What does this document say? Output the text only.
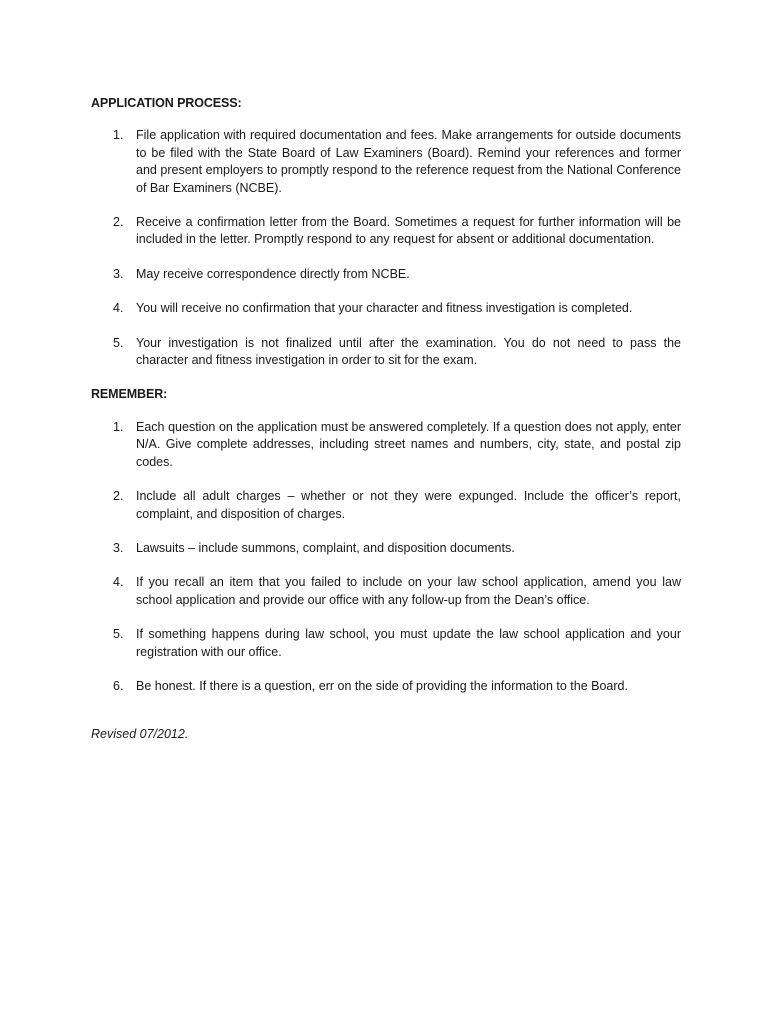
APPLICATION PROCESS:
1. File application with required documentation and fees. Make arrangements for outside documents to be filed with the State Board of Law Examiners (Board). Remind your references and former and present employers to promptly respond to the reference request from the National Conference of Bar Examiners (NCBE).
2. Receive a confirmation letter from the Board. Sometimes a request for further information will be included in the letter. Promptly respond to any request for absent or additional documentation.
3. May receive correspondence directly from NCBE.
4. You will receive no confirmation that your character and fitness investigation is completed.
5. Your investigation is not finalized until after the examination. You do not need to pass the character and fitness investigation in order to sit for the exam.
REMEMBER:
1. Each question on the application must be answered completely. If a question does not apply, enter N/A. Give complete addresses, including street names and numbers, city, state, and postal zip codes.
2. Include all adult charges – whether or not they were expunged. Include the officer’s report, complaint, and disposition of charges.
3. Lawsuits – include summons, complaint, and disposition documents.
4. If you recall an item that you failed to include on your law school application, amend you law school application and provide our office with any follow-up from the Dean’s office.
5. If something happens during law school, you must update the law school application and your registration with our office.
6. Be honest. If there is a question, err on the side of providing the information to the Board.
Revised 07/2012.
